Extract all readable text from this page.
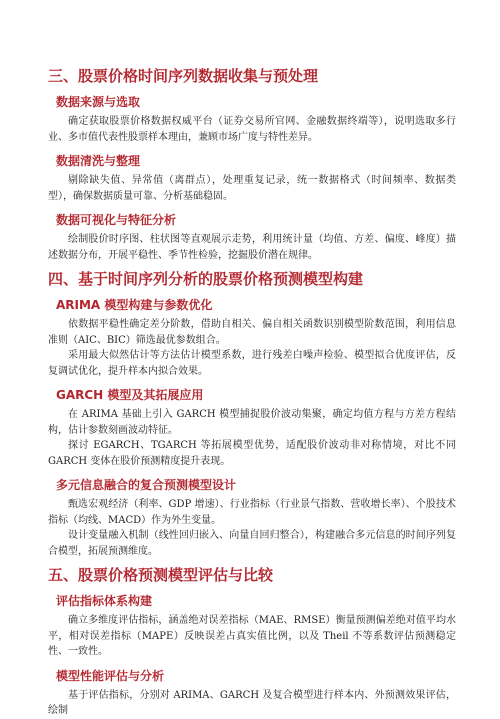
三、股票价格时间序列数据收集与预处理
数据来源与选取

确定获取股票价格数据权威平台（证券交易所官网、金融数据终端等），说明选取多行业、多市值代表性股票样本理由，兼顾市场广度与特性差异。

数据清洗与整理

剔除缺失值、异常值（离群点），处理重复记录，统一数据格式（时间频率、数据类型），确保数据质量可靠、分析基础稳固。

数据可视化与特征分析

绘制股价时序图、柱状图等直观展示走势，利用统计量（均值、方差、偏度、峰度）描述数据分布，开展平稳性、季节性检验，挖掘股价潜在规律。

四、基于时间序列分析的股票价格预测模型构建
ARIMA 模型构建与参数优化

依数据平稳性确定差分阶数，借助自相关、偏自相关函数识别模型阶数范围，利用信息准则（AIC、BIC）筛选最优参数组合。

采用最大似然估计等方法估计模型系数，进行残差白噪声检验、模型拟合优度评估，反复调试优化，提升样本内拟合效果。

GARCH 模型及其拓展应用

在 ARIMA 基础上引入 GARCH 模型捕捉股价波动集聚，确定均值方程与方差方程结构，估计参数刻画波动特征。

探讨 EGARCH、TGARCH 等拓展模型优势，适配股价波动非对称情境，对比不同 GARCH 变体在股价预测精度提升表现。

多元信息融合的复合预测模型设计

甄选宏观经济（利率、GDP 增速）、行业指标（行业景气指数、营收增长率）、个股技术指标（均线、MACD）作为外生变量。

设计变量融入机制（线性回归嵌入、向量自回归整合），构建融合多元信息的时间序列复合模型，拓展预测维度。

五、股票价格预测模型评估与比较
评估指标体系构建

确立多维度评估指标，涵盖绝对误差指标（MAE、RMSE）衡量预测偏差绝对值平均水平，相对误差指标（MAPE）反映误差占真实值比例，以及 Theil 不等系数评估预测稳定性、一致性。

模型性能评估与分析

基于评估指标，分别对 ARIMA、GARCH 及复合模型进行样本内、外预测效果评估，绘制
